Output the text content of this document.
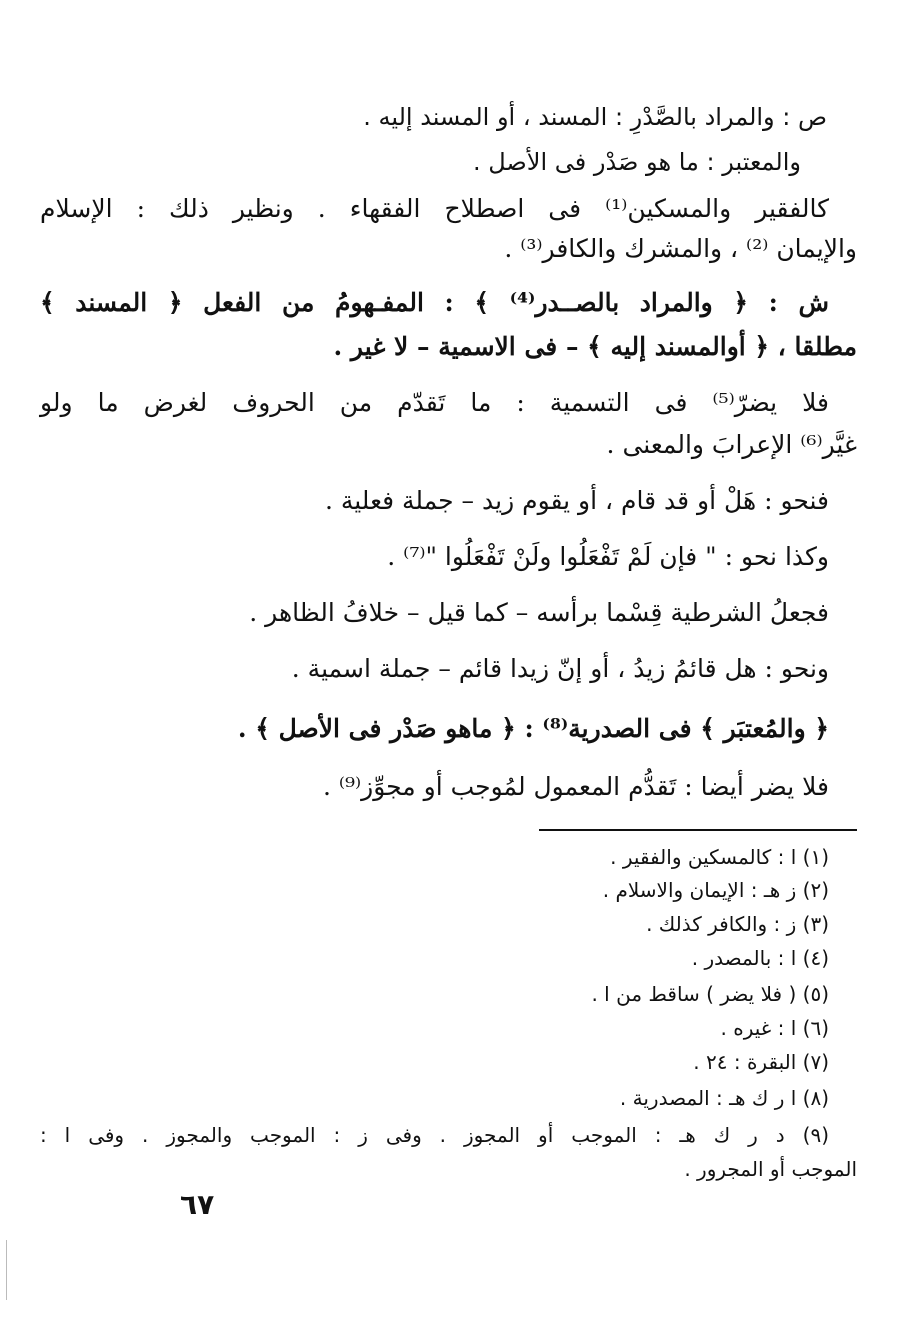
ص : والمراد بالصَّدْرِ : المسند ، أو المسند إليه .
والمعتبر : ما هو صَدْر فى الأصل .
كالفقير والمسكين⁽¹⁾ فى اصطلاح الفقهاء . ونظير ذلك : الإسلام
والإيمان ⁽²⁾ ، والمشرك والكافر⁽³⁾ .
ش : ﴿ والمراد بالصــدر⁽⁴⁾ ﴾ : المفـهومُ من الفعل ﴿ المسند ﴾
مطلقا ، ﴿ أوالمسند إليه ﴾ – فى الاسمية – لا غير .
فلا يضرّ⁽⁵⁾ فى التسمية : ما تَقدّم من الحروف لغرض ما ولو
غيَّر⁽⁶⁾ الإعرابَ والمعنى .
فنحو : هَلْ أو قد قام ، أو يقوم زيد – جملة فعلية .
وكذا نحو : " فإن لَمْ تَفْعَلُوا ولَنْ تَفْعَلُوا "⁽⁷⁾ .
فجعلُ الشرطية قِسْما برأسه – كما قيل – خلافُ الظاهر .
ونحو : هل قائمُ زيدُ ، أو إنّ زيدا قائم – جملة اسمية .
﴿ والمُعتبَر ﴾ فى الصدرية⁽⁸⁾ : ﴿ ماهو صَدْر فى الأصل ﴾ .
فلا يضر أيضا : تَقدُّم المعمول لمُوجب أو مجوِّز⁽⁹⁾ .
(١) ا : كالمسكين والفقير .
(٢) ز هـ : الإيمان والاسلام .
(٣) ز : والكافر كذلك .
(٤) ا : بالمصدر .
(٥) ( فلا يضر ) ساقط من ا .
(٦) ا : غيره .
(٧) البقرة : ٢٤ .
(٨) ا ر ك هـ : المصدرية .
(٩) د ر ك هـ : الموجب أو المجوز . وفى ز : الموجب والمجوز . وفى ا :
الموجب أو المجرور .
٦٧
